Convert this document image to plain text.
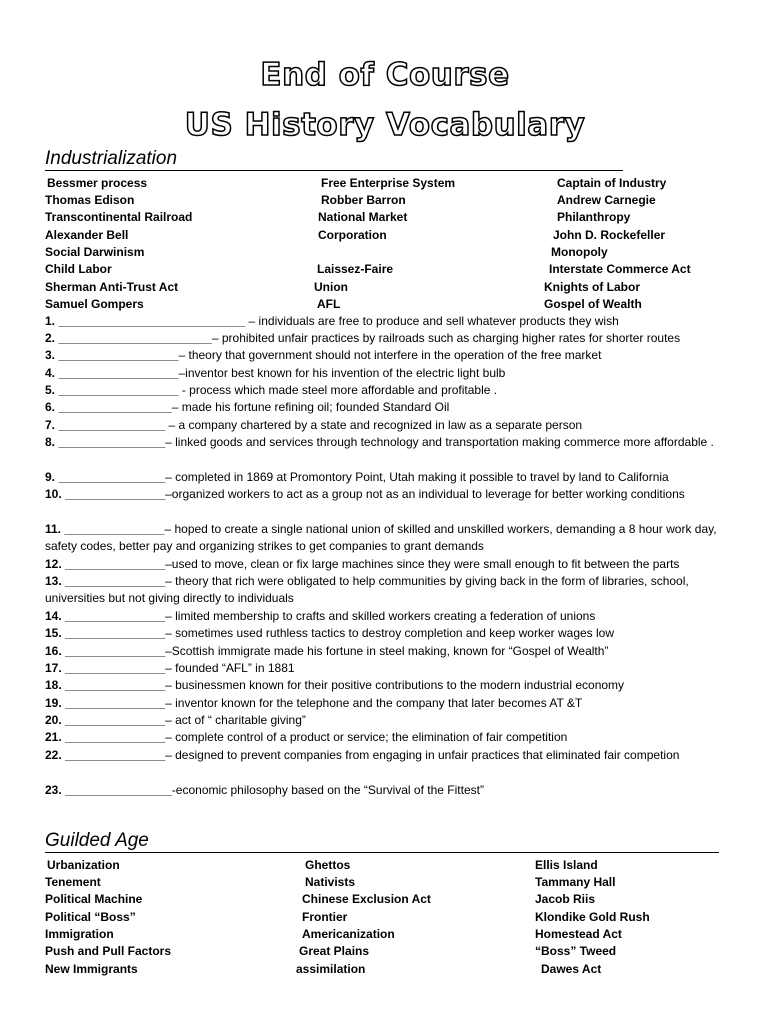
End of Course
US History Vocabulary
Industrialization
Bessmer process
Thomas Edison
Transcontinental Railroad
Alexander Bell
Social Darwinism
Child Labor
Sherman Anti-Trust Act
Samuel Gompers
Free Enterprise System
Robber Barron
National Market
Corporation
Laissez-Faire
Union
AFL
Captain of Industry
Andrew Carnegie
Philanthropy
John D. Rockefeller
Monopoly
Interstate Commerce Act
Knights of Labor
Gospel of Wealth
1. ____________________________ – individuals are free to produce and sell whatever products they wish
2. _______________________– prohibited unfair practices by railroads such as charging higher rates for shorter routes
3. __________________– theory that government should not interfere in the operation of the free market
4. __________________–inventor best known for his invention of the electric light bulb
5. __________________ - process which made steel more affordable and profitable .
6. _________________– made his fortune refining oil; founded Standard Oil
7. ________________ – a company chartered by a state and recognized in law as a separate person
8. ________________– linked goods and services through technology and transportation making commerce more affordable .
9. ________________– completed in 1869 at Promontory Point, Utah making it possible to travel by land to California
10. _______________–organized workers to act as a group not as an individual to leverage for better working conditions
11. _______________– hoped to create a single national union of skilled and unskilled workers, demanding a 8 hour work day, safety codes, better pay and organizing strikes to get companies to grant demands
12. _______________–used to move, clean or fix large machines since they were small enough to fit between the parts
13. _______________– theory that rich were obligated to help communities by giving back in the form of libraries, school, universities but not giving directly to individuals
14. _______________– limited membership to crafts and skilled workers creating a federation of unions
15. _______________– sometimes used ruthless tactics to destroy completion and keep worker wages low
16. _______________–Scottish immigrate made his fortune in steel making, known for “Gospel of Wealth”
17. _______________– founded “AFL” in 1881
18. _______________– businessmen known for their positive contributions to the modern industrial economy
19. _______________– inventor known for the telephone and the company that later becomes AT &T
20. _______________– act of “ charitable giving”
21. _______________– complete control of a product or service; the elimination of fair competition
22. _______________– designed to prevent companies from engaging in unfair practices that eliminated fair competion
23. ________________-economic philosophy based on the “Survival of the Fittest”
Guilded Age
Urbanization
Tenement
Political Machine
Political “Boss”
Immigration
Push and Pull Factors
New Immigrants
Ghettos
Nativists
Chinese Exclusion Act
Frontier
Americanization
Great Plains
assimilation
Ellis Island
Tammany Hall
Jacob Riis
Klondike Gold Rush
Homestead Act
“Boss” Tweed
Dawes Act
